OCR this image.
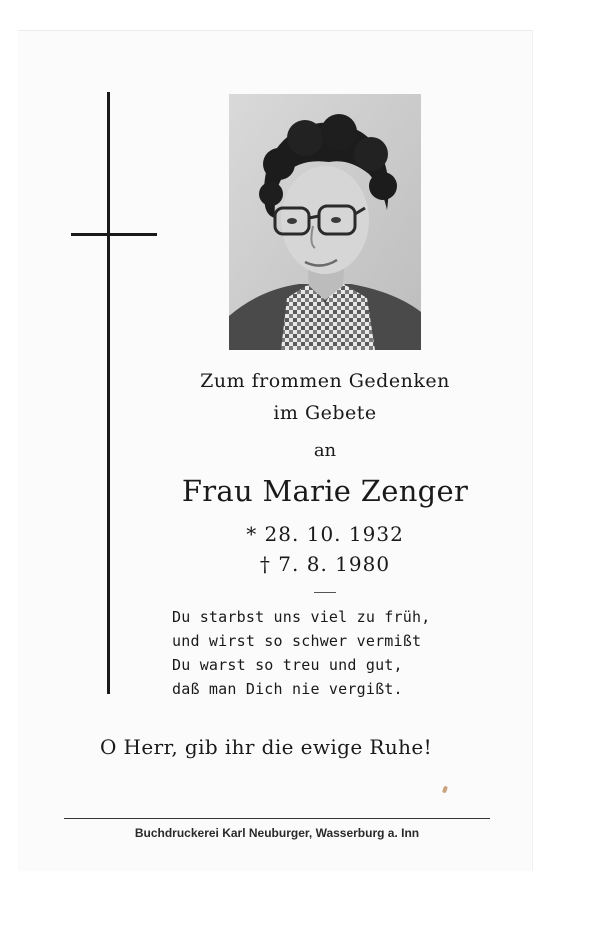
Zum frommen Gedenken
im Gebete
an
Frau Marie Zenger
* 28. 10. 1932
† 7. 8. 1980
Du starbst uns viel zu früh,
und wirst so schwer vermißt
Du warst so treu und gut,
daß man Dich nie vergißt.
O Herr, gib ihr die ewige Ruhe!
Buchdruckerei Karl Neuburger, Wasserburg a. Inn
